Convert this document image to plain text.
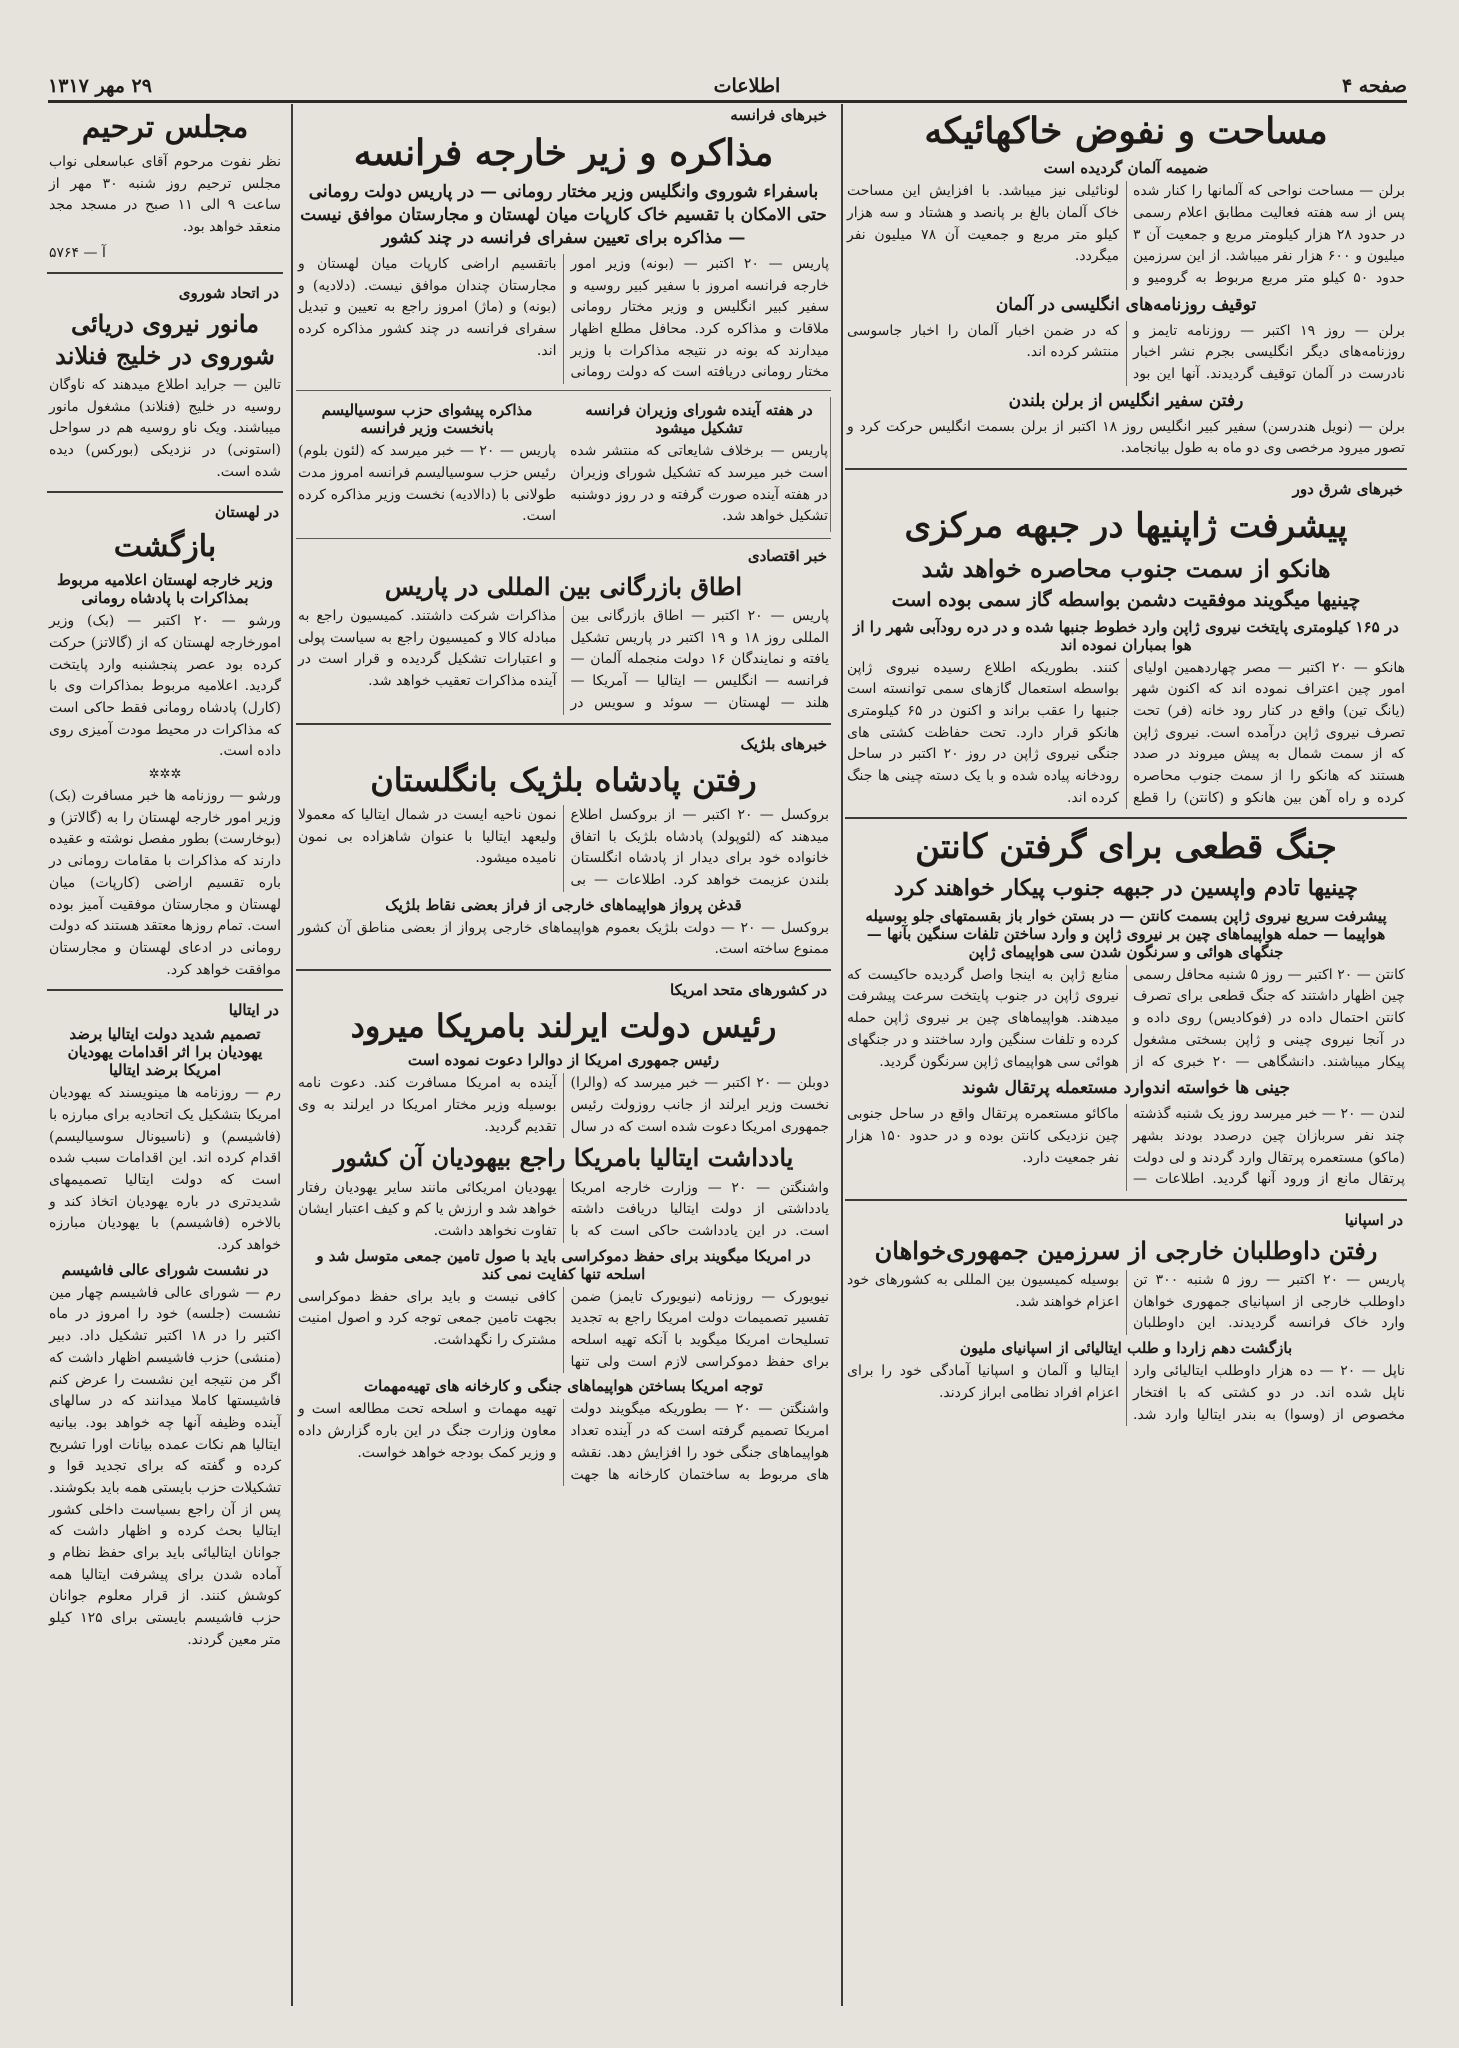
صفحه ۴
اطلاعات
۲۹ مهر ۱۳۱۷
مساحت و نفوض خاکهائیکه
ضمیمه آلمان گردیده است
برلن — مساحت نواحی که آلمانها را کنار شده پس از سه هفته فعالیت مطابق اعلام رسمی در حدود ۲۸ هزار کیلومتر مربع و جمعیت آن ۳ میلیون و ۶۰۰ هزار نفر میباشد. از این سرزمین حدود ۵۰ کیلو متر مربع مربوط به گرومیو و لونائیلی نیز میباشد. با افزایش این مساحت خاک آلمان بالغ بر پانصد و هشتاد و سه هزار کیلو متر مربع و جمعیت آن ۷۸ میلیون نفر میگردد.
توقیف روزنامه‌های انگلیسی در آلمان
برلن — روز ۱۹ اکتبر — روزنامه تایمز و روزنامه‌های دیگر انگلیسی بجرم نشر اخبار نادرست در آلمان توقیف گردیدند. آنها این بود که در ضمن اخبار آلمان را اخبار جاسوسی منتشر کرده اند.
رفتن سفیر انگلیس از برلن بلندن
برلن — (نویل هندرسن) سفیر کبیر انگلیس روز ۱۸ اکتبر از برلن بسمت انگلیس حرکت کرد و تصور میرود مرخصی وی دو ماه به طول بیانجامد.
خبرهای شرق دور
پیشرفت ژاپنیها در جبهه مرکزی
هانکو از سمت جنوب محاصره خواهد شد
چینیها میگویند موفقیت دشمن بواسطه گاز سمی بوده است
در ۱۶۵ کیلومتری پایتخت نیروی ژاپن وارد خطوط جنبها شده و در دره رودآبی شهر را از هوا بمباران نموده اند
هانکو — ۲۰ اکتبر — مصر چهاردهمین اولیای امور چین اعتراف نموده اند که اکنون شهر (یانگ تین) واقع در کنار رود خانه (فر) تحت تصرف نیروی ژاپن درآمده است. نیروی ژاپن که از سمت شمال به پیش میروند در صدد هستند که هانکو را از سمت جنوب محاصره کرده و راه آهن بین هانکو و (کانتن) را قطع کنند. بطوریکه اطلاع رسیده نیروی ژاپن بواسطه استعمال گازهای سمی توانسته است جنبها را عقب براند و اکنون در ۶۵ کیلومتری هانکو قرار دارد. تحت حفاظت کشتی های جنگی نیروی ژاپن در روز ۲۰ اکتبر در ساحل رودخانه پیاده شده و با یک دسته چینی ها جنگ کرده اند.
جنگ قطعی برای گرفتن کانتن
چینیها تادم واپسین در جبهه جنوب پیکار خواهند کرد
پیشرفت سریع نیروی ژاپن بسمت کانتن — در بستن خوار باز بقسمتهای جلو بوسیله هواپیما — حمله هواپیماهای چین بر نیروی ژاپن و وارد ساختن تلفات سنگین بآنها — جنگهای هوائی و سرنگون شدن سی هواپیمای ژاپن
کانتن — ۲۰ اکتبر — روز ۵ شنبه محافل رسمی چین اظهار داشتند که جنگ قطعی برای تصرف کانتن احتمال داده در (فوکادیس) روی داده و در آنجا نیروی چینی و ژاپن بسختی مشغول پیکار میباشند. دانشگاهی — ۲۰ خبری که از منابع ژاپن به اینجا واصل گردیده حاکیست که نیروی ژاپن در جنوب پایتخت سرعت پیشرفت میدهند. هواپیماهای چین بر نیروی ژاپن حمله کرده و تلفات سنگین وارد ساختند و در جنگهای هوائی سی هواپیمای ژاپن سرنگون گردید.
جینی ها خواسته اندوارد مستعمله پرتقال شوند
لندن — ۲۰ — خبر میرسد روز یک شنبه گذشته چند نفر سربازان چین درصدد بودند بشهر (ماکو) مستعمره پرتقال وارد گردند و لی دولت پرتقال مانع از ورود آنها گردید. اطلاعات — ماکائو مستعمره پرتقال واقع در ساحل جنوبی چین نزدیکی کانتن بوده و در حدود ۱۵۰ هزار نفر جمعیت دارد.
در اسپانیا
رفتن داوطلبان خارجی از سرزمین جمهوری‌خواهان
پاریس — ۲۰ اکتبر — روز ۵ شنبه ۳۰۰ تن داوطلب خارجی از اسپانیای جمهوری خواهان وارد خاک فرانسه گردیدند. این داوطلبان بوسیله کمیسیون بین المللی به کشورهای خود اعزام خواهند شد.
بازگشت دهم زاردا و طلب ایتالیائی از اسپانیای ملیون
ناپل — ۲۰ — ده هزار داوطلب ایتالیائی وارد ناپل شده اند. در دو کشتی که با افتخار مخصوص از (وسوا) به بندر ایتالیا وارد شد. ایتالیا و آلمان و اسپانیا آمادگی خود را برای اعزام افراد نظامی ابراز کردند.
خبرهای فرانسه
مذاکره و زیر خارجه فرانسه
باسفراء شوروی وانگلیس وزیر مختار رومانی — در پاریس دولت رومانی حتی الامکان با تقسیم خاک کارپات میان لهستان و مجارستان موافق نیست — مذاکره برای تعیین سفرای فرانسه در چند کشور
پاریس — ۲۰ اکتبر — (بونه) وزیر امور خارجه فرانسه امروز با سفیر کبیر روسیه و سفیر کبیر انگلیس و وزیر مختار رومانی ملاقات و مذاکره کرد. محافل مطلع اظهار میدارند که بونه در نتیجه مذاکرات با وزیر مختار رومانی دریافته است که دولت رومانی باتقسیم اراضی کارپات میان لهستان و مجارستان چندان موافق نیست. (دلادیه) و (بونه) و (ماژ) امروز راجع به تعیین و تبدیل سفرای فرانسه در چند کشور مذاکره کرده اند.
در هفته آینده شورای وزیران فرانسه تشکیل میشود
پاریس — برخلاف شایعاتی که منتشر شده است خبر میرسد که تشکیل شورای وزیران در هفته آینده صورت گرفته و در روز دوشنبه تشکیل خواهد شد.
مذاکره پیشوای حزب سوسیالیسم بانخست وزیر فرانسه
پاریس — ۲۰ — خبر میرسد که (لئون بلوم) رئیس حزب سوسیالیسم فرانسه امروز مدت طولانی با (دالادیه) نخست وزیر مذاکره کرده است.
خبر اقتصادی
اطاق بازرگانی بین المللی در پاریس
پاریس — ۲۰ اکتبر — اطاق بازرگانی بین المللی روز ۱۸ و ۱۹ اکتبر در پاریس تشکیل یافته و نمایندگان ۱۶ دولت منجمله آلمان — فرانسه — انگلیس — ایتالیا — آمریکا — هلند — لهستان — سوئد و سویس در مذاکرات شرکت داشتند. کمیسیون راجع به مبادله کالا و کمیسیون راجع به سیاست پولی و اعتبارات تشکیل گردیده و قرار است در آینده مذاکرات تعقیب خواهد شد.
خبرهای بلژیک
رفتن پادشاه بلژیک بانگلستان
بروکسل — ۲۰ اکتبر — از بروکسل اطلاع میدهند که (لئوپولد) پادشاه بلژیک با اتفاق خانواده خود برای دیدار از پادشاه انگلستان بلندن عزیمت خواهد کرد. اطلاعات — بی نمون ناحیه ایست در شمال ایتالیا که معمولا ولیعهد ایتالیا با عنوان شاهزاده بی نمون نامیده میشود.
قدغن پرواز هواپیماهای خارجی از فراز بعضی نقاط بلژیک
بروکسل — ۲۰ — دولت بلژیک بعموم هواپیماهای خارجی پرواز از بعضی مناطق آن کشور ممنوع ساخته است.
در کشورهای متحد امریکا
رئیس دولت ایرلند بامریکا میرود
رئیس جمهوری امریکا از دوالرا دعوت نموده است
دوبلن — ۲۰ اکتبر — خبر میرسد که (والرا) نخست وزیر ایرلند از جانب روزولت رئیس جمهوری امریکا دعوت شده است که در سال آینده به امریکا مسافرت کند. دعوت نامه بوسیله وزیر مختار امریکا در ایرلند به وی تقدیم گردید.
یادداشت ایتالیا بامریکا راجع بیهودیان آن کشور
واشنگتن — ۲۰ — وزارت خارجه امریکا یادداشتی از دولت ایتالیا دریافت داشته است. در این یادداشت حاکی است که با یهودیان امریکائی مانند سایر یهودیان رفتار خواهد شد و ارزش یا کم و کیف اعتبار ایشان تفاوت نخواهد داشت.
در امریکا میگویند برای حفظ دموکراسی باید با صول تامین جمعی متوسل شد و اسلحه تنها کفایت نمی کند
نیویورک — روزنامه (نیویورک تایمز) ضمن تفسیر تصمیمات دولت امریکا راجع به تجدید تسلیحات امریکا میگوید با آنکه تهیه اسلحه برای حفظ دموکراسی لازم است ولی تنها کافی نیست و باید برای حفظ دموکراسی بجهت تامین جمعی توجه کرد و اصول امنیت مشترک را نگهداشت.
توجه امریکا بساختن هواپیماهای جنگی و کارخانه های تهیه‌مهمات
واشنگتن — ۲۰ — بطوریکه میگویند دولت امریکا تصمیم گرفته است که در آینده تعداد هواپیماهای جنگی خود را افزایش دهد. نقشه های مربوط به ساختمان کارخانه ها جهت تهیه مهمات و اسلحه تحت مطالعه است و معاون وزارت جنگ در این باره گزارش داده و وزیر کمک بودجه خواهد خواست.
مجلس ترحیم
نظر نفوت مرحوم آقای عباسعلی نواب مجلس ترحیم روز شنبه ۳۰ مهر از ساعت ۹ الی ۱۱ صبح در مسجد مجد منعقد خواهد بود.
آ — ۵۷۶۴
در اتحاد شوروی
مانور نیروی دریائی شوروی در خلیج فنلاند
تالین — جراید اطلاع میدهند که ناوگان روسیه در خلیج (فنلاند) مشغول مانور میباشند. ویک ناو روسیه هم در سواحل (استونی) در نزدیکی (بورکس) دیده شده است.
در لهستان
بازگشت
وزیر خارجه لهستان اعلامیه مربوط بمذاکرات با پادشاه رومانی
ورشو — ۲۰ اکتبر — (بک) وزیر امورخارجه لهستان که از (گالاتز) حرکت کرده بود عصر پنجشنبه وارد پایتخت گردید. اعلامیه مربوط بمذاکرات وی با (کارل) پادشاه رومانی فقط حاکی است که مذاکرات در محیط مودت آمیزی روی داده است.
✲✲✲
ورشو — روزنامه ها خبر مسافرت (بک) وزیر امور خارجه لهستان را به (گالاتز) و (بوخارست) بطور مفصل نوشته و عقیده دارند که مذاکرات با مقامات رومانی در باره تقسیم اراضی (کارپات) میان لهستان و مجارستان موفقیت آمیز بوده است. تمام روزها معتقد هستند که دولت رومانی در ادعای لهستان و مجارستان موافقت خواهد کرد.
در ایتالیا
تصمیم شدید دولت ایتالیا برضد یهودیان برا اثر اقدامات یهودیان امریکا برضد ایتالیا
رم — روزنامه ها مینویسند که یهودیان امریکا بتشکیل یک اتحادیه برای مبارزه با (فاشیسم) و (ناسیونال سوسیالیسم) اقدام کرده اند. این اقدامات سبب شده است که دولت ایتالیا تصمیمهای شدیدتری در باره یهودیان اتخاذ کند و بالاخره (فاشیسم) با یهودیان مبارزه خواهد کرد.
در نشست شورای عالی فاشیسم
رم — شورای عالی فاشیسم چهار مین نشست (جلسه) خود را امروز در ماه اکتبر را در ۱۸ اکتبر تشکیل داد. دبیر (منشی) حزب فاشیسم اظهار داشت که اگر من نتیجه این نشست را عرض کنم فاشیستها کاملا میدانند که در سالهای آینده وظیفه آنها چه خواهد بود. بیانیه ایتالیا هم نکات عمده بیانات اورا تشریح کرده و گفته که برای تجدید قوا و تشکیلات حزب بایستی همه باید بکوشند. پس از آن راجع بسیاست داخلی کشور ایتالیا بحث کرده و اظهار داشت که جوانان ایتالیائی باید برای حفظ نظام و آماده شدن برای پیشرفت ایتالیا همه کوشش کنند. از قرار معلوم جوانان حزب فاشیسم بایستی برای ۱۲۵ کیلو متر معین گردند.
